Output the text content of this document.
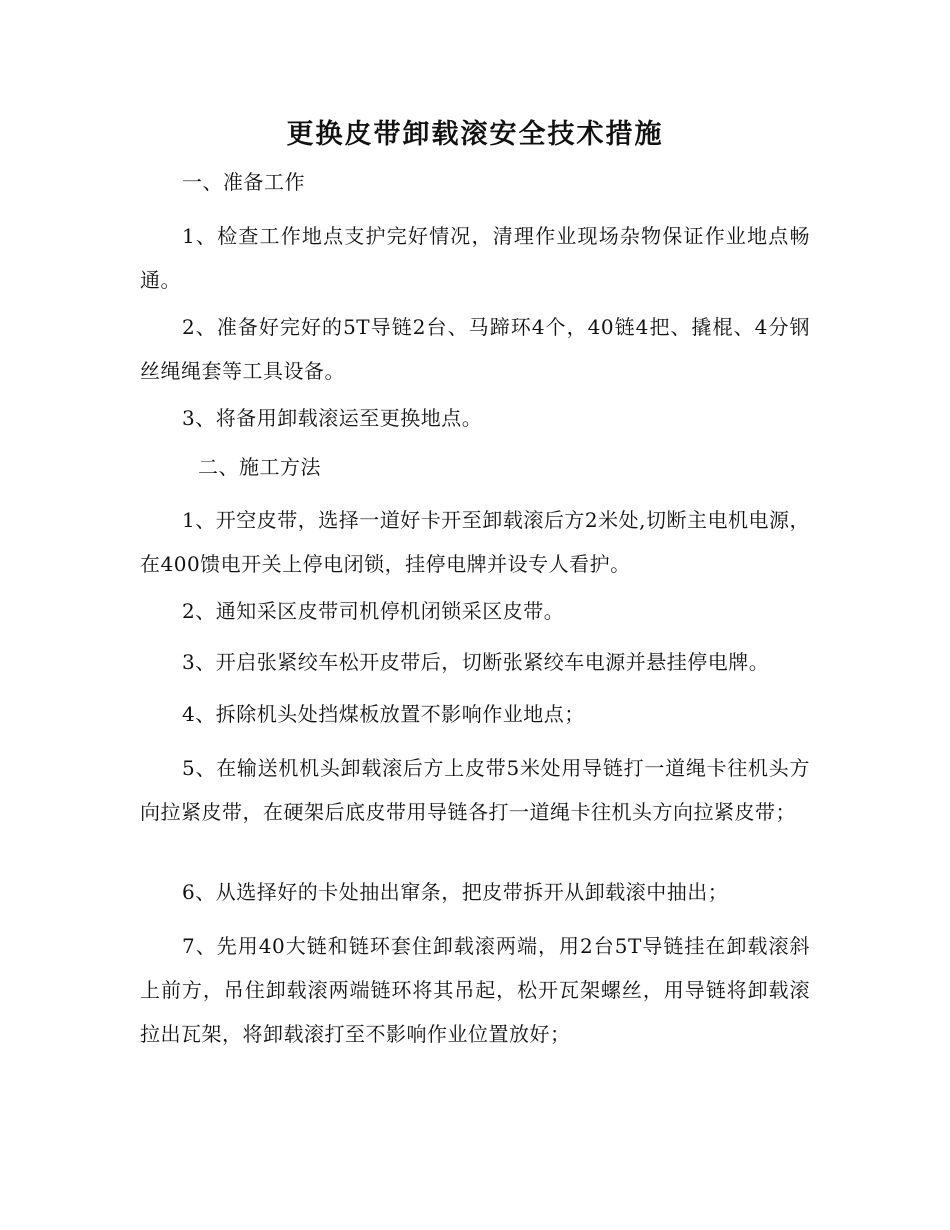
更换皮带卸载滚安全技术措施

一、准备工作

1、检查工作地点支护完好情况，清理作业现场杂物保证作业地点畅通。

2、准备好完好的5T导链2台、马蹄环4个，40链4把、撬棍、4分钢丝绳绳套等工具设备。

3、将备用卸载滚运至更换地点。

二、施工方法

1、开空皮带，选择一道好卡开至卸载滚后方2米处,切断主电机电源，在400馈电开关上停电闭锁，挂停电牌并设专人看护。

2、通知采区皮带司机停机闭锁采区皮带。

3、开启张紧绞车松开皮带后，切断张紧绞车电源并悬挂停电牌。

4、拆除机头处挡煤板放置不影响作业地点；

5、在输送机机头卸载滚后方上皮带5米处用导链打一道绳卡往机头方向拉紧皮带，在硬架后底皮带用导链各打一道绳卡往机头方向拉紧皮带；

6、从选择好的卡处抽出窜条，把皮带拆开从卸载滚中抽出；

7、先用40大链和链环套住卸载滚两端，用2台5T导链挂在卸载滚斜上前方，吊住卸载滚两端链环将其吊起，松开瓦架螺丝，用导链将卸载滚拉出瓦架，将卸载滚打至不影响作业位置放好；
